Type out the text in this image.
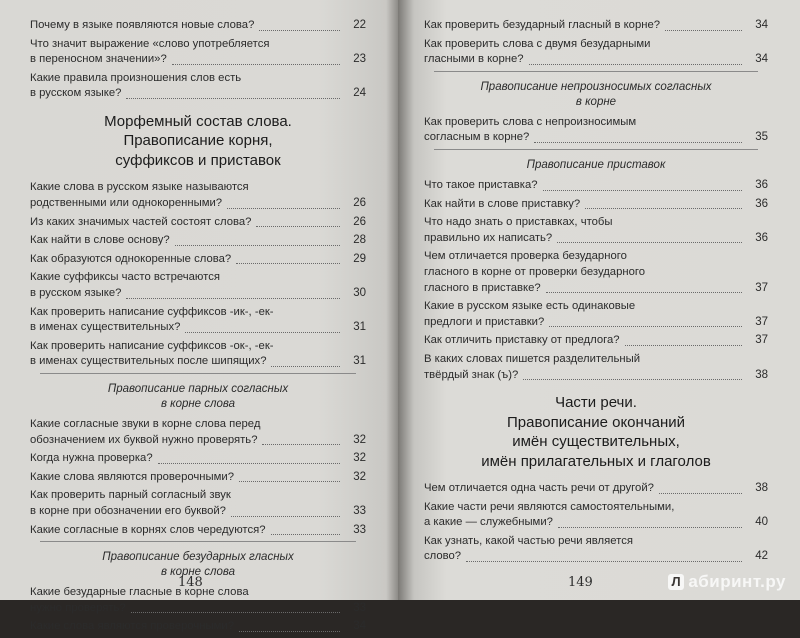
Почему в языке появляются новые слова?	22
Что значит выражение «слово употребляется
в переносном значении»?	23
Какие правила произношения слов есть
в русском языке?	24
Морфемный состав слова.
Правописание корня,
суффиксов и приставок
Какие слова в русском языке называются
родственными или однокоренными?	26
Из каких значимых частей состоят слова?	26
Как найти в слове основу?	28
Как образуются однокоренные слова?	29
Какие суффиксы часто встречаются
в русском языке?	30
Как проверить написание суффиксов -ик-, -ек-
в именах существительных?	31
Как проверить написание суффиксов -ок-, -ек-
в именах существительных после шипящих?	31
Правописание парных согласных
в корне слова
Какие согласные звуки в корне слова перед
обозначением их буквой нужно проверять?	32
Когда нужна проверка?	32
Какие слова являются проверочными?	32
Как проверить парный согласный звук
в корне при обозначении его буквой?	33
Какие согласные в корнях слов чередуются?	33
Правописание безударных гласных
в корне слова
Какие безударные гласные в корне слова
нужно проверять?	33
Какие слова являются проверочными?	34
148
Как проверить безударный гласный в корне?	34
Как проверить слова с двумя безударными
гласными в корне?	34
Правописание непроизносимых согласных
в корне
Как проверить слова с непроизносимым
согласным в корне?	35
Правописание приставок
Что такое приставка?	36
Как найти в слове приставку?	36
Что надо знать о приставках, чтобы
правильно их написать?	36
Чем отличается проверка безударного
гласного в корне от проверки безударного
гласного в приставке?	37
Какие в русском языке есть одинаковые
предлоги и приставки?	37
Как отличить приставку от предлога?	37
В каких словах пишется разделительный
твёрдый знак (ъ)?	38
Части речи.
Правописание окончаний
имён существительных,
имён прилагательных и глаголов
Чем отличается одна часть речи от другой?	38
Какие части речи являются самостоятельными,
а какие — служебными?	40
Как узнать, какой частью речи является
слово?	42
149	Л абиринт.ру
